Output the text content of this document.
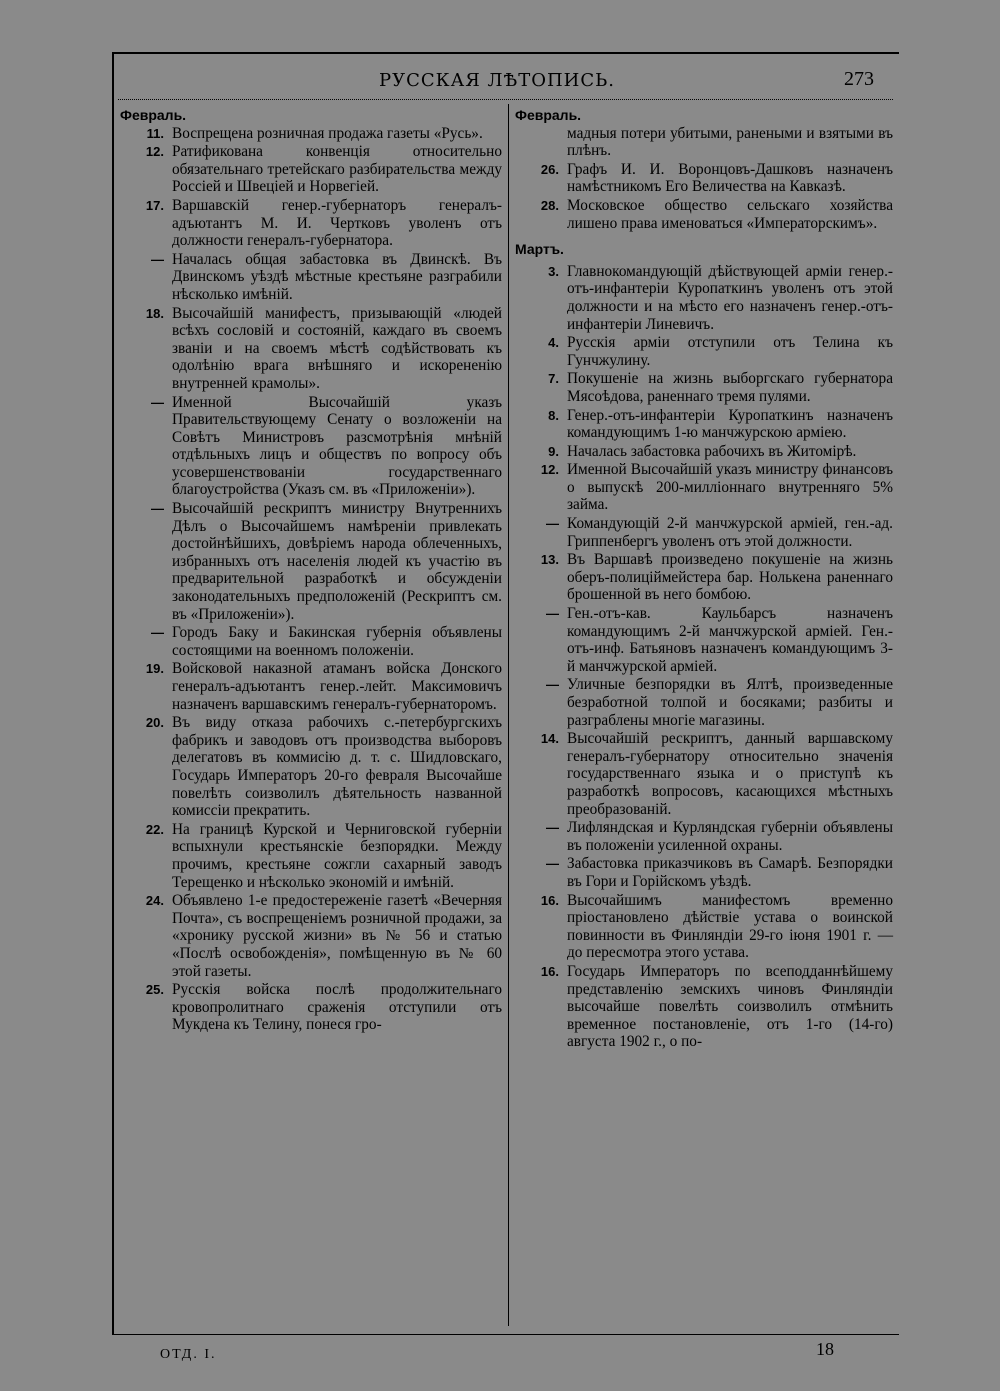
РУССКАЯ ЛѢТОПИСЬ.	273
Февраль.
11. Воспрещена розничная продажа газеты «Русь».
12. Ратификована конвенція относительно обязательнаго третейскаго разбирательства между Россіей и Швеціей и Норвегіей.
17. Варшавскій генер.-губернаторъ генералъ-адъютантъ М. И. Чертковъ уволенъ отъ должности генералъ-губернатора.
— Началась общая забастовка въ Двинскѣ. Въ Двинскомъ уѣздѣ мѣстные крестьяне разграбили нѣсколько имѣній.
18. Высочайшій манифестъ, призывающій «людей всѣхъ сословій и состояній, каждаго въ своемъ званіи и на своемъ мѣстѣ содѣйствовать къ одолѣнію врага внѣшняго и искорененію внутренней крамолы».
— Именной Высочайшій указъ Правительствующему Сенату о возложеніи на Совѣтъ Министровъ разсмотрѣнія мнѣній отдѣльныхъ лицъ и обществъ по вопросу объ усовершенствованіи государственнаго благоустройства (Указъ см. въ «Приложеніи»).
— Высочайшій рескриптъ министру Внутреннихъ Дѣлъ о Высочайшемъ намѣреніи привлекать достойнѣйшихъ, довѣріемъ народа облеченныхъ, избранныхъ отъ населенія людей къ участію въ предварительной разработкѣ и обсужденіи законодательныхъ предположеній (Рескриптъ см. въ «Приложеніи»).
— Городъ Баку и Бакинская губернія объявлены состоящими на военномъ положеніи.
19. Войсковой наказной атаманъ войска Донского генералъ-адъютантъ генер.-лейт. Максимовичъ назначенъ варшавскимъ генералъ-губернаторомъ.
20. Въ виду отказа рабочихъ с.-петербургскихъ фабрикъ и заводовъ отъ производства выборовъ делегатовъ въ коммисію д. т. с. Шидловскаго, Государь Императоръ 20-го февраля Высочайше повелѣть соизволилъ дѣятельность названной комиссіи прекратить.
22. На границѣ Курской и Черниговской губерніи вспыхнули крестьянскіе безпорядки. Между прочимъ, крестьяне сожгли сахарный заводъ Терещенко и нѣсколько экономій и имѣній.
24. Объявлено 1-е предостереженіе газетѣ «Вечерняя Почта», съ воспрещеніемъ розничной продажи, за «хронику русской жизни» въ № 56 и статью «Послѣ освобожденія», помѣщенную въ № 60 этой газеты.
25. Русскія войска послѣ продолжительнаго кровопролитнаго сраженія отступили отъ Мукдена къ Телину, понеся гро-
Февраль.
мадныя потери убитыми, ранеными и взятыми въ плѣнъ.
26. Графъ И. И. Воронцовъ-Дашковъ назначенъ намѣстникомъ Его Величества на Кавказѣ.
28. Московское общество сельскаго хозяйства лишено права именоваться «Императорскимъ».
Мартъ.
3. Главнокомандующій дѣйствующей арміи генер.-отъ-инфантеріи Куропаткинъ уволенъ отъ этой должности и на мѣсто его назначенъ генер.-отъ-инфантеріи Линевичъ.
4. Русскія арміи отступили отъ Телина къ Гунчжулину.
7. Покушеніе на жизнь выборгскаго губернатора Мясоѣдова, раненнаго тремя пулями.
8. Генер.-отъ-инфантеріи Куропаткинъ назначенъ командующимъ 1-ю манчжурскою арміею.
9. Началась забастовка рабочихъ въ Житомірѣ.
12. Именной Высочайшій указъ министру финансовъ о выпускѣ 200-милліоннаго внутренняго 5% займа.
— Командующій 2-й манчжурской арміей, ген.-ад. Гриппенбергъ уволенъ отъ этой должности.
13. Въ Варшавѣ произведено покушеніе на жизнь оберъ-полиціймейстера бар. Нолькена раненнаго брошенной въ него бомбою.
— Ген.-отъ-кав. Каульбарсъ назначенъ командующимъ 2-й манчжурской арміей. Ген.-отъ-инф. Батьяновъ назначенъ командующимъ 3-й манчжурской арміей.
— Уличные безпорядки въ Ялтѣ, произведенные безработной толпой и босяками; разбиты и разграблены многіе магазины.
14. Высочайшій рескриптъ, данный варшавскому генералъ-губернатору относительно значенія государственнаго языка и о приступѣ къ разработкѣ вопросовъ, касающихся мѣстныхъ преобразованій.
— Лифляндская и Курляндская губерніи объявлены въ положеніи усиленной охраны.
— Забастовка приказчиковъ въ Самарѣ. Безпорядки въ Гори и Горійскомъ уѣздѣ.
16. Высочайшимъ манифестомъ временно пріостановлено дѣйствіе устава о воинской повинности въ Финляндіи 29-го іюня 1901 г. — до пересмотра этого устава.
16. Государь Императоръ по всеподданнѣйшему представленію земскихъ чиновъ Финляндіи высочайше повелѣть соизволилъ отмѣнить временное постановленіе, отъ 1-го (14-го) августа 1902 г., о по-
ОТД. I.	18
